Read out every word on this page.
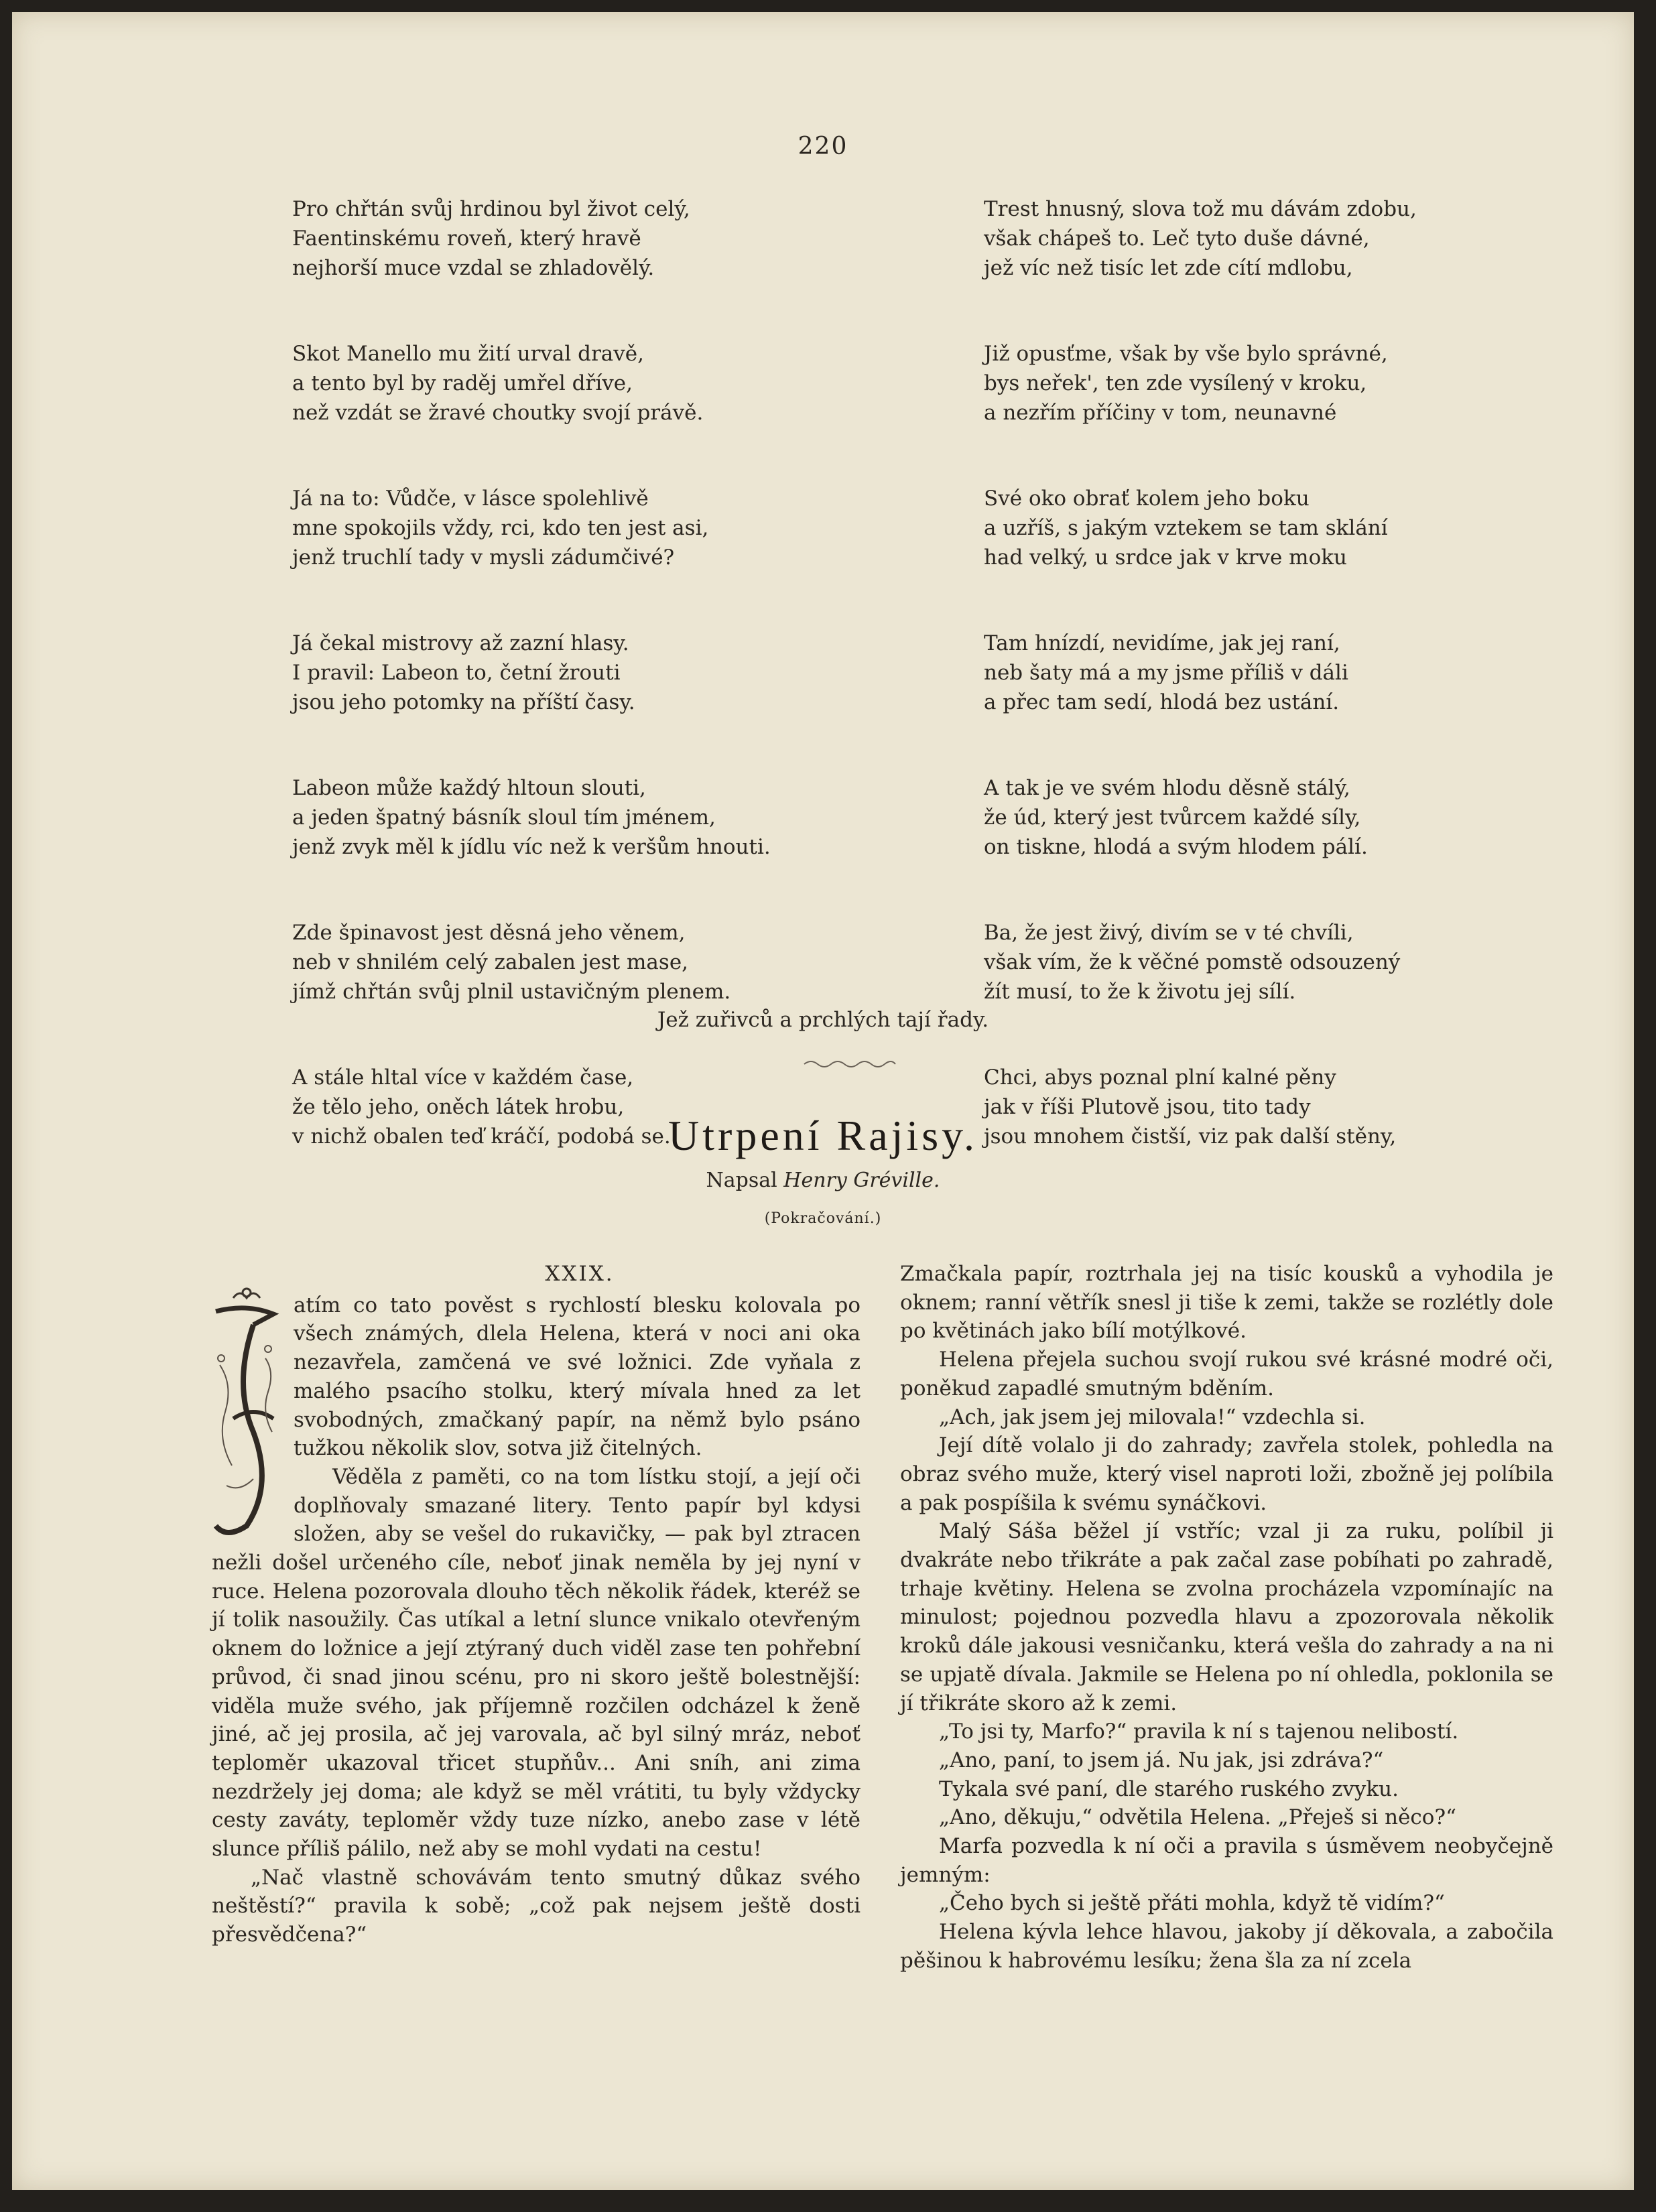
220
Pro chřtán svůj hrdinou byl život celý,
Faentinskému roveň, který hravě
nejhorší muce vzdal se zhladovělý.
Skot Manello mu žití urval dravě,
a tento byl by raděj umřel dříve,
než vzdát se žravé choutky svojí právě.
Já na to: Vůdče, v lásce spolehlivě
mne spokojils vždy, rci, kdo ten jest asi,
jenž truchlí tady v mysli zádumčivé?
Já čekal mistrovy až zazní hlasy.
I pravil: Labeon to, četní žrouti
jsou jeho potomky na příští časy.
Labeon může každý hltoun slouti,
a jeden špatný básník sloul tím jménem,
jenž zvyk měl k jídlu víc než k veršům hnouti.
Zde špinavost jest děsná jeho věnem,
neb v shnilém celý zabalen jest mase,
jímž chřtán svůj plnil ustavičným plenem.
A stále hltal více v každém čase,
že tělo jeho, oněch látek hrobu,
v nichž obalen teď kráčí, podobá se.
Trest hnusný, slova tož mu dávám zdobu,
však chápeš to. Leč tyto duše dávné,
jež víc než tisíc let zde cítí mdlobu,
Již opusťme, však by vše bylo správné,
bys neřek', ten zde vysílený v kroku,
a nezřím příčiny v tom, neunavné
Své oko obrať kolem jeho boku
a uzříš, s jakým vztekem se tam sklání
had velký, u srdce jak v krve moku
Tam hnízdí, nevidíme, jak jej raní,
neb šaty má a my jsme příliš v dáli
a přec tam sedí, hlodá bez ustání.
A tak je ve svém hlodu děsně stálý,
že úd, který jest tvůrcem každé síly,
on tiskne, hlodá a svým hlodem pálí.
Ba, že jest živý, divím se v té chvíli,
však vím, že k věčné pomstě odsouzený
žít musí, to že k životu jej sílí.
Chci, abys poznal plní kalné pěny
jak v říši Plutově jsou, tito tady
jsou mnohem čistší, viz pak další stěny,
Jež zuřivců a prchlých tají řady.
Utrpení Rajisy.
Napsal Henry Gréville.
(Pokračování.)
XXIX.

atím co tato pověst s rychlostí blesku kolovala po všech známých, dlela Helena, která v noci ani oka nezavřela, zamčená ve své ložnici. Zde vyňala z malého psacího stolku, který mívala hned za let svobodných, zmačkaný papír, na němž bylo psáno tužkou několik slov, sotva již čitelných.

Věděla z paměti, co na tom lístku stojí, a její oči doplňovaly smazané litery. Tento papír byl kdysi složen, aby se vešel do rukavičky, — pak byl ztracen nežli došel určeného cíle, neboť jinak neměla by jej nyní v ruce. Helena pozorovala dlouho těch několik řádek, kteréž se jí tolik nasoužily. Čas utíkal a letní slunce vnikalo otevřeným oknem do ložnice a její ztýraný duch viděl zase ten pohřební průvod, či snad jinou scénu, pro ni skoro ještě bolestnější: viděla muže svého, jak příjemně rozčilen odcházel k ženě jiné, ač jej prosila, ač jej varovala, ač byl silný mráz, neboť teploměr ukazoval třicet stupňův... Ani sníh, ani zima nezdržely jej doma; ale když se měl vrátiti, tu byly vždycky cesty zaváty, teploměr vždy tuze nízko, anebo zase v létě slunce příliš pálilo, než aby se mohl vydati na cestu!

„Nač vlastně schovávám tento smutný důkaz svého neštěstí?“ pravila k sobě; „což pak nejsem ještě dosti přesvědčena?“

Zmačkala papír, roztrhala jej na tisíc kousků a vyhodila je oknem; ranní větřík snesl ji tiše k zemi, takže se rozlétly dole po květinách jako bílí motýlkové.

Helena přejela suchou svojí rukou své krásné modré oči, poněkud zapadlé smutným bděním.

„Ach, jak jsem jej milovala!“ vzdechla si.

Její dítě volalo ji do zahrady; zavřela stolek, pohledla na obraz svého muže, který visel naproti loži, zbožně jej políbila a pak pospíšila k svému synáčkovi.

Malý Sáša běžel jí vstříc; vzal ji za ruku, políbil ji dvakráte nebo třikráte a pak začal zase pobíhati po zahradě, trhaje květiny. Helena se zvolna procházela vzpomínajíc na minulost; pojednou pozvedla hlavu a zpozorovala několik kroků dále jakousi vesničanku, která vešla do zahrady a na ni se upjatě dívala. Jakmile se Helena po ní ohledla, poklonila se jí třikráte skoro až k zemi.

„To jsi ty, Marfo?“ pravila k ní s tajenou nelibostí.

„Ano, paní, to jsem já. Nu jak, jsi zdráva?“

Tykala své paní, dle starého ruského zvyku.

„Ano, děkuju,“ odvětila Helena. „Přeješ si něco?“

Marfa pozvedla k ní oči a pravila s úsměvem neobyčejně jemným:

„Čeho bych si ještě přáti mohla, když tě vidím?“

Helena kývla lehce hlavou, jakoby jí děkovala, a zabočila pěšinou k habrovému lesíku; žena šla za ní zcela
